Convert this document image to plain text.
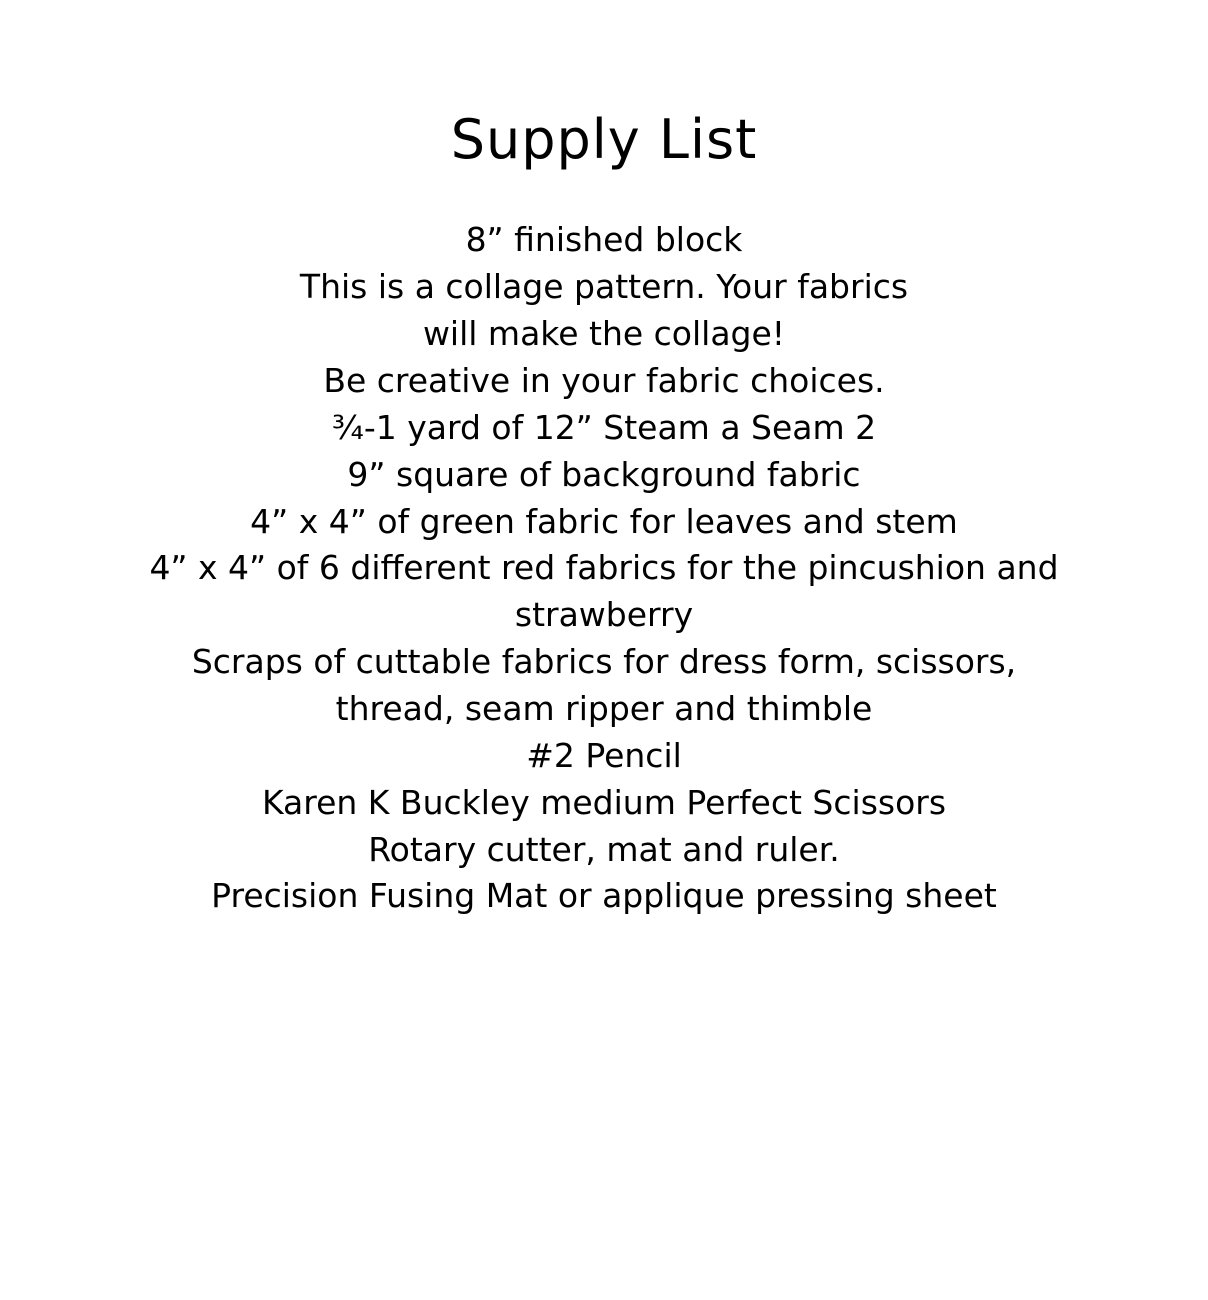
Supply List
8” finished block
This is a collage pattern. Your fabrics
will make the collage!
Be creative in your fabric choices.
¾-1 yard of 12” Steam a Seam 2
9” square of background fabric
4” x 4” of green fabric for leaves and stem
4” x 4” of 6 different red fabrics for the pincushion and
strawberry
Scraps of cuttable fabrics for dress form, scissors,
thread, seam ripper and thimble
#2 Pencil
Karen K Buckley medium Perfect Scissors
Rotary cutter, mat and ruler.
Precision Fusing Mat or applique pressing sheet
